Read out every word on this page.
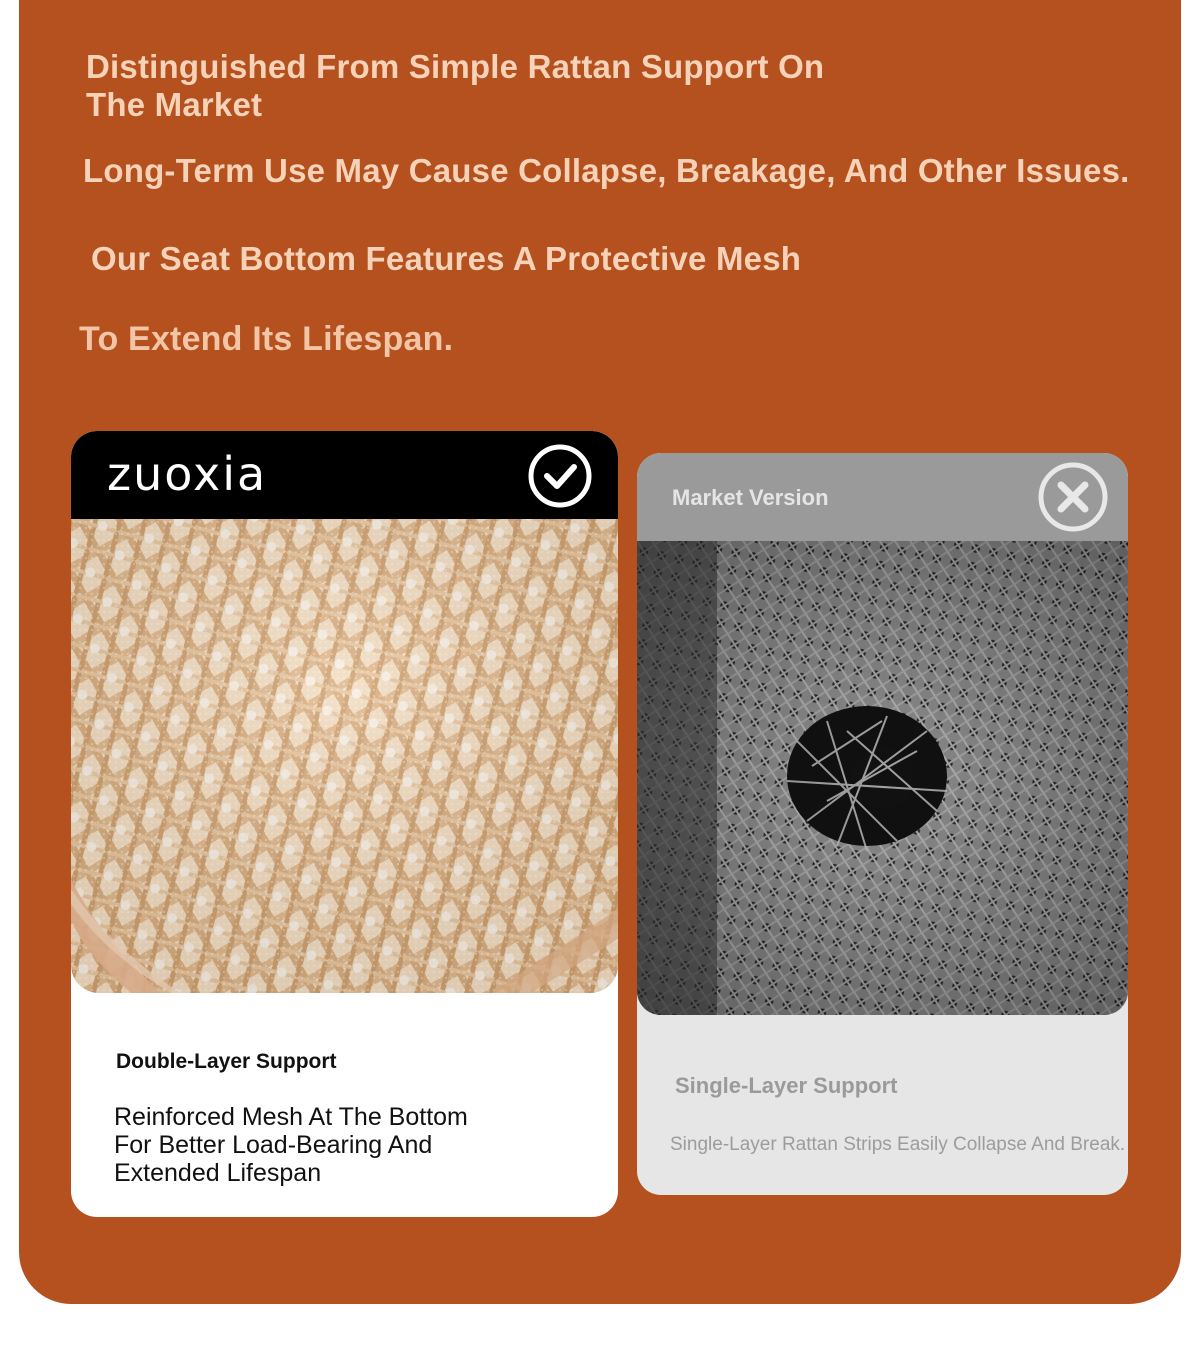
Distinguished From Simple Rattan Support On The Market

Long-Term Use May Cause Collapse, Breakage, And Other Issues.

Our Seat Bottom Features A Protective Mesh

To Extend Its Lifespan.

zuoxia
Double-Layer Support

Reinforced Mesh At The Bottom For Better Load-Bearing And Extended Lifespan

Market Version
Single-Layer Support

Single-Layer Rattan Strips Easily Collapse And Break.
